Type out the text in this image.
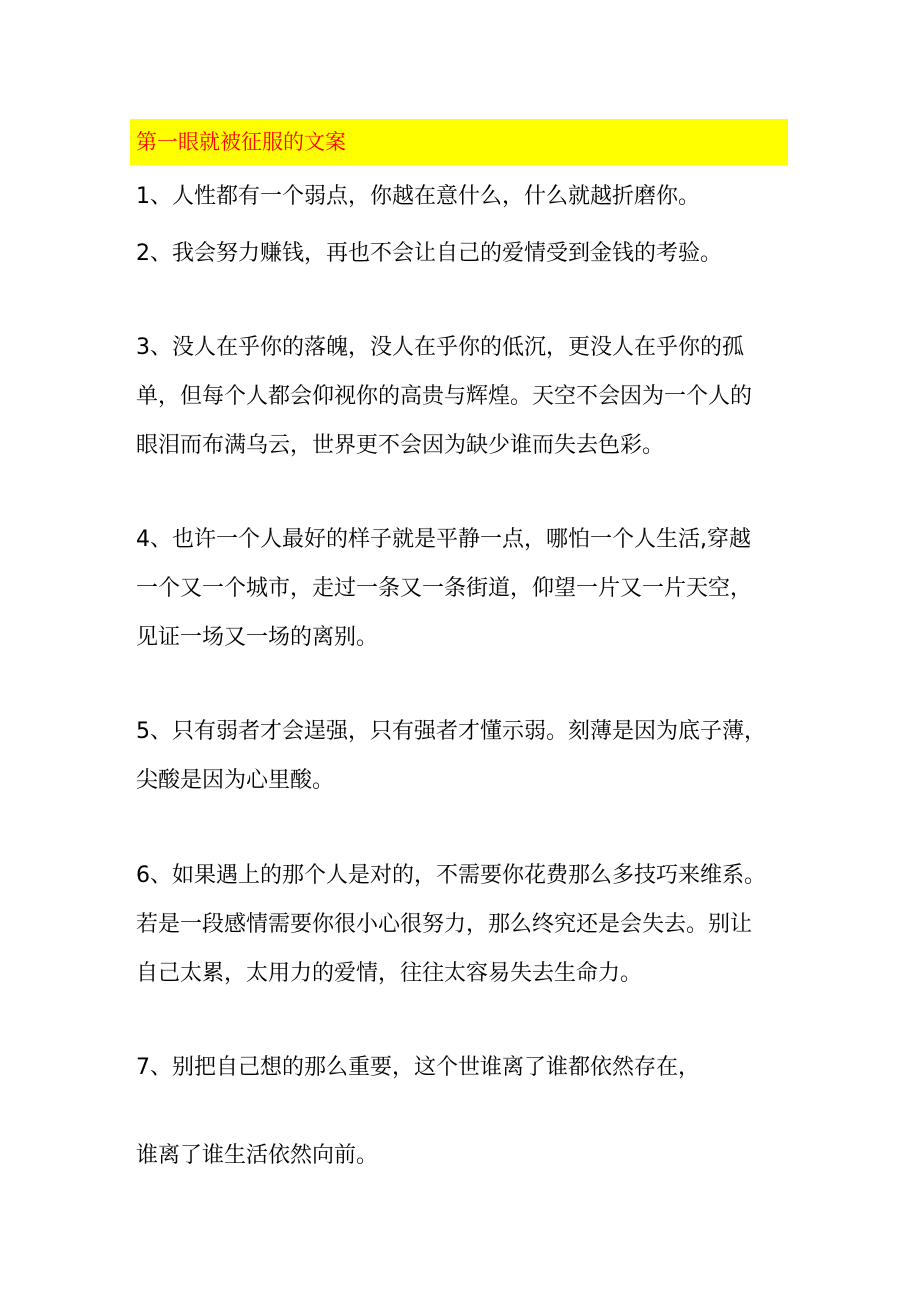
第一眼就被征服的文案
1、人性都有一个弱点，你越在意什么，什么就越折磨你。
2、我会努力赚钱，再也不会让自己的爱情受到金钱的考验。
3、没人在乎你的落魄，没人在乎你的低沉，更没人在乎你的孤
单，但每个人都会仰视你的高贵与辉煌。天空不会因为一个人的
眼泪而布满乌云，世界更不会因为缺少谁而失去色彩。
4、也许一个人最好的样子就是平静一点，哪怕一个人生活,穿越
一个又一个城市，走过一条又一条街道，仰望一片又一片天空，
见证一场又一场的离别。
5、只有弱者才会逞强，只有强者才懂示弱。刻薄是因为底子薄，
尖酸是因为心里酸。
6、如果遇上的那个人是对的，不需要你花费那么多技巧来维系。
若是一段感情需要你很小心很努力，那么终究还是会失去。别让
自己太累，太用力的爱情，往往太容易失去生命力。
7、别把自己想的那么重要，这个世谁离了谁都依然存在，
谁离了谁生活依然向前。
